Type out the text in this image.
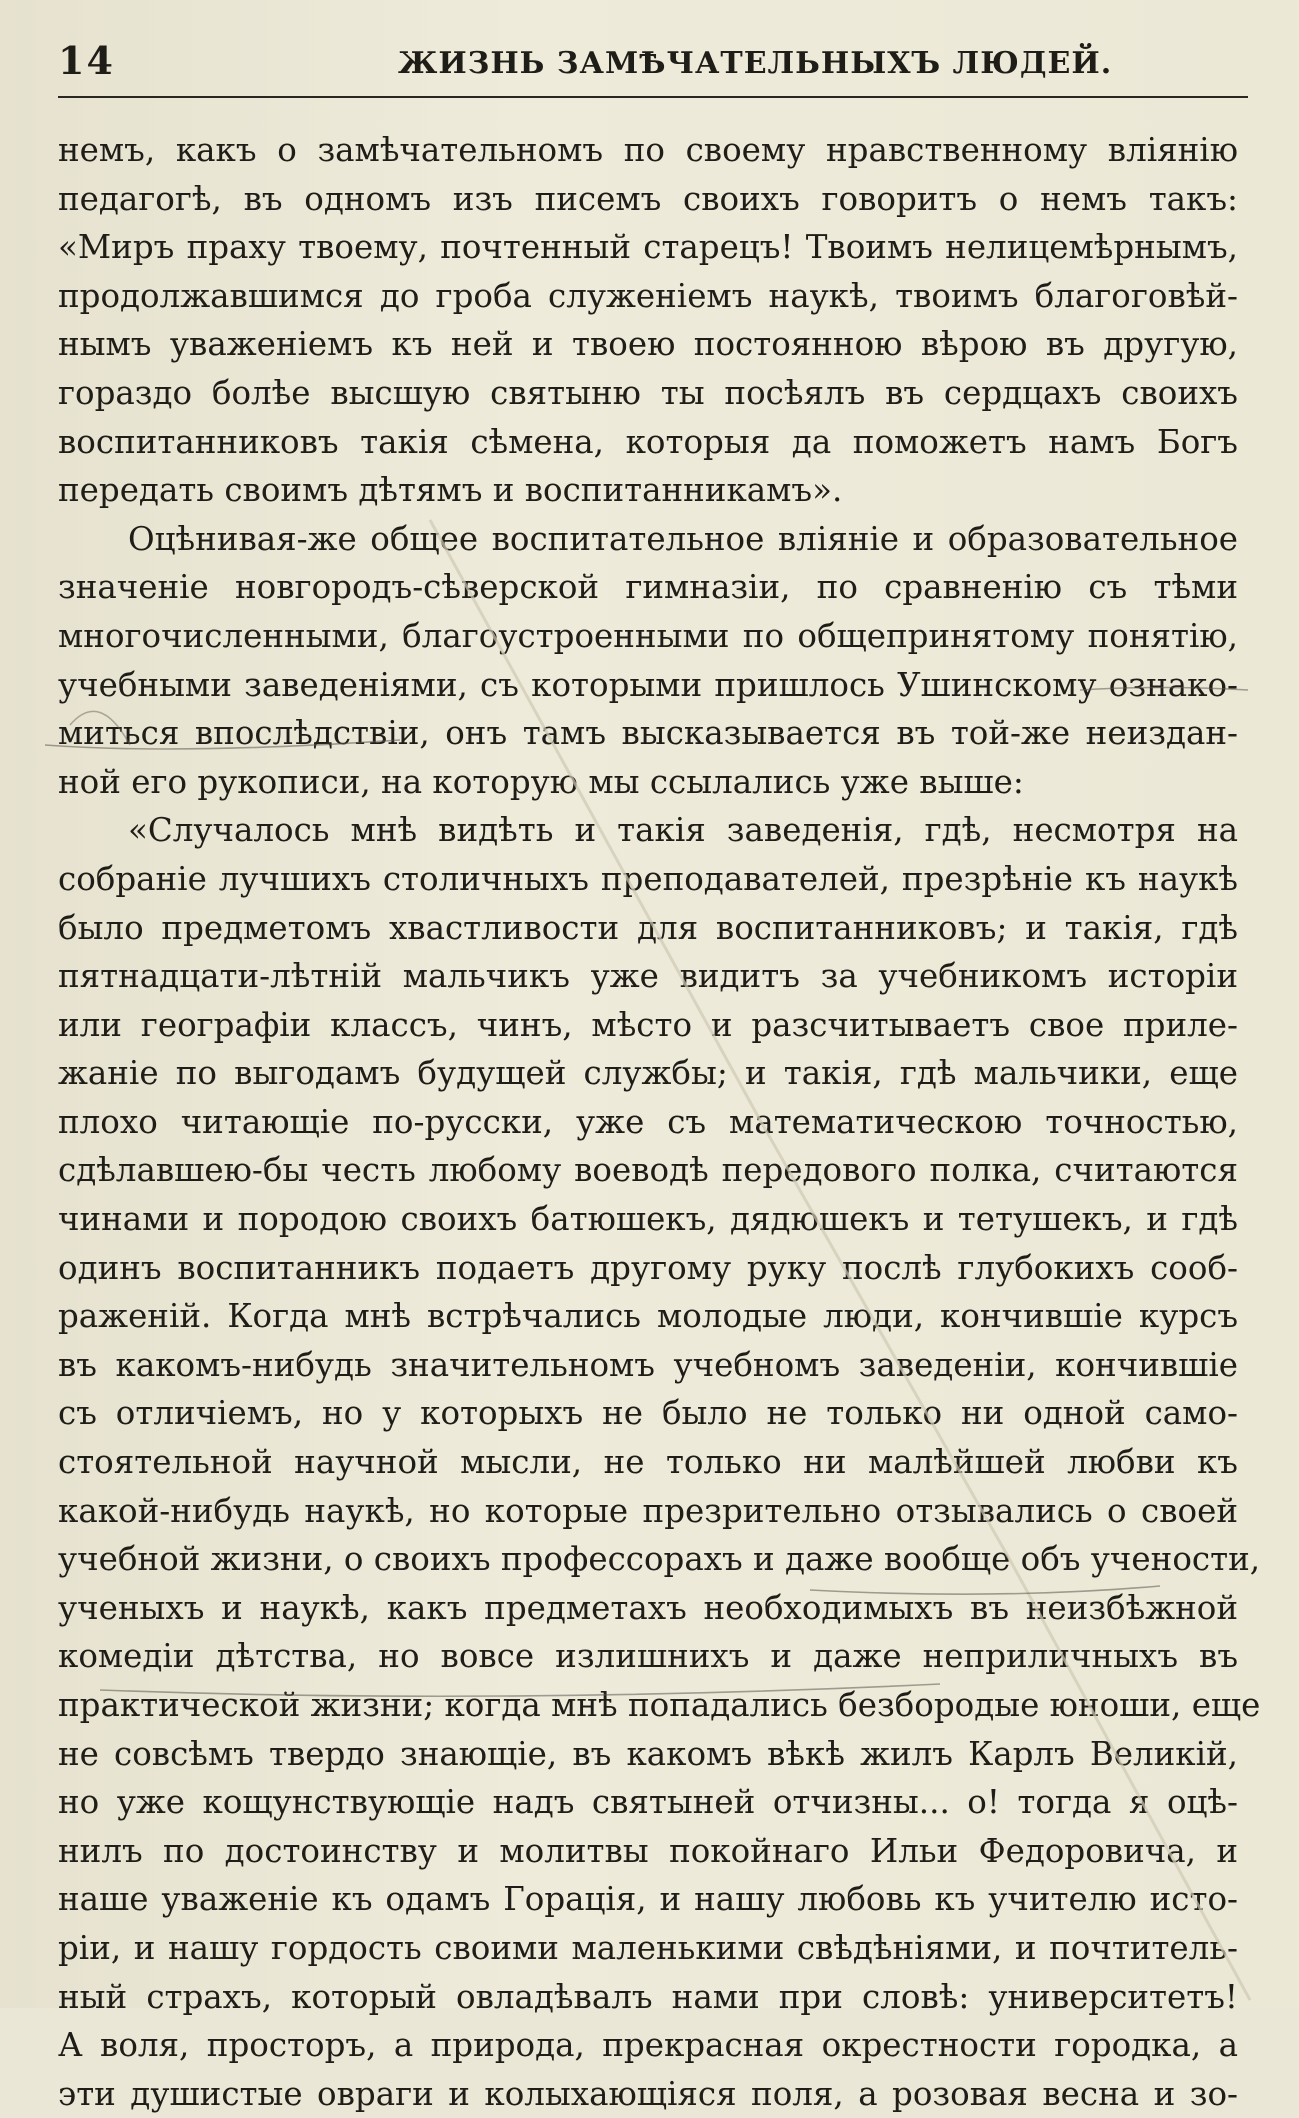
14	ЖИЗНЬ ЗАМѢЧАТЕЛЬНЫХЪ ЛЮДЕЙ.
немъ, какъ о замѣчательномъ по своему нравственному вліянію
педагогѣ, въ одномъ изъ писемъ своихъ говоритъ о немъ такъ:
«Миръ праху твоему, почтенный старецъ! Твоимъ нелицемѣрнымъ,
продолжавшимся до гроба служеніемъ наукѣ, твоимъ благоговѣй-
нымъ уваженіемъ къ ней и твоею постоянною вѣрою въ другую,
гораздо болѣе высшую святыню ты посѣялъ въ сердцахъ своихъ
воспитанниковъ такія сѣмена, которыя да поможетъ намъ Богъ
передать своимъ дѣтямъ и воспитанникамъ».
Оцѣнивая-же общее воспитательное вліяніе и образовательное
значеніе новгородъ-сѣверской гимназіи, по сравненію съ тѣми
многочисленными, благоустроенными по общепринятому понятію,
учебными заведеніями, съ которыми пришлось Ушинскому ознако-
миться впослѣдствіи, онъ тамъ высказывается въ той-же неиздан-
ной его рукописи, на которую мы ссылались уже выше:
«Случалось мнѣ видѣть и такія заведенія, гдѣ, несмотря на
собраніе лучшихъ столичныхъ преподавателей, презрѣніе къ наукѣ
было предметомъ хвастливости для воспитанниковъ; и такія, гдѣ
пятнадцати-лѣтній мальчикъ уже видитъ за учебникомъ исторіи
или географіи классъ, чинъ, мѣсто и разсчитываетъ свое приле-
жаніе по выгодамъ будущей службы; и такія, гдѣ мальчики, еще
плохо читающіе по-русски, уже съ математическою точностью,
сдѣлавшею-бы честь любому воеводѣ передового полка, считаются
чинами и породою своихъ батюшекъ, дядюшекъ и тетушекъ, и гдѣ
одинъ воспитанникъ подаетъ другому руку послѣ глубокихъ сооб-
раженій. Когда мнѣ встрѣчались молодые люди, кончившіе курсъ
въ какомъ-нибудь значительномъ учебномъ заведеніи, кончившіе
съ отличіемъ, но у которыхъ не было не только ни одной само-
стоятельной научной мысли, не только ни малѣйшей любви къ
какой-нибудь наукѣ, но которые презрительно отзывались о своей
учебной жизни, о своихъ профессорахъ и даже вообще объ учености,
ученыхъ и наукѣ, какъ предметахъ необходимыхъ въ неизбѣжной
комедіи дѣтства, но вовсе излишнихъ и даже неприличныхъ въ
практической жизни; когда мнѣ попадались безбородые юноши, еще
не совсѣмъ твердо знающіе, въ какомъ вѣкѣ жилъ Карлъ Великій,
но уже кощунствующіе надъ святыней отчизны... о! тогда я оцѣ-
нилъ по достоинству и молитвы покойнаго Ильи Федоровича, и
наше уваженіе къ одамъ Горація, и нашу любовь къ учителю исто-
ріи, и нашу гордость своими маленькими свѣдѣніями, и почтитель-
ный страхъ, который овладѣвалъ нами при словѣ: университетъ!
А воля, просторъ, а природа, прекрасная окрестности городка, а
эти душистые овраги и колыхающіяся поля, а розовая весна и зо-
